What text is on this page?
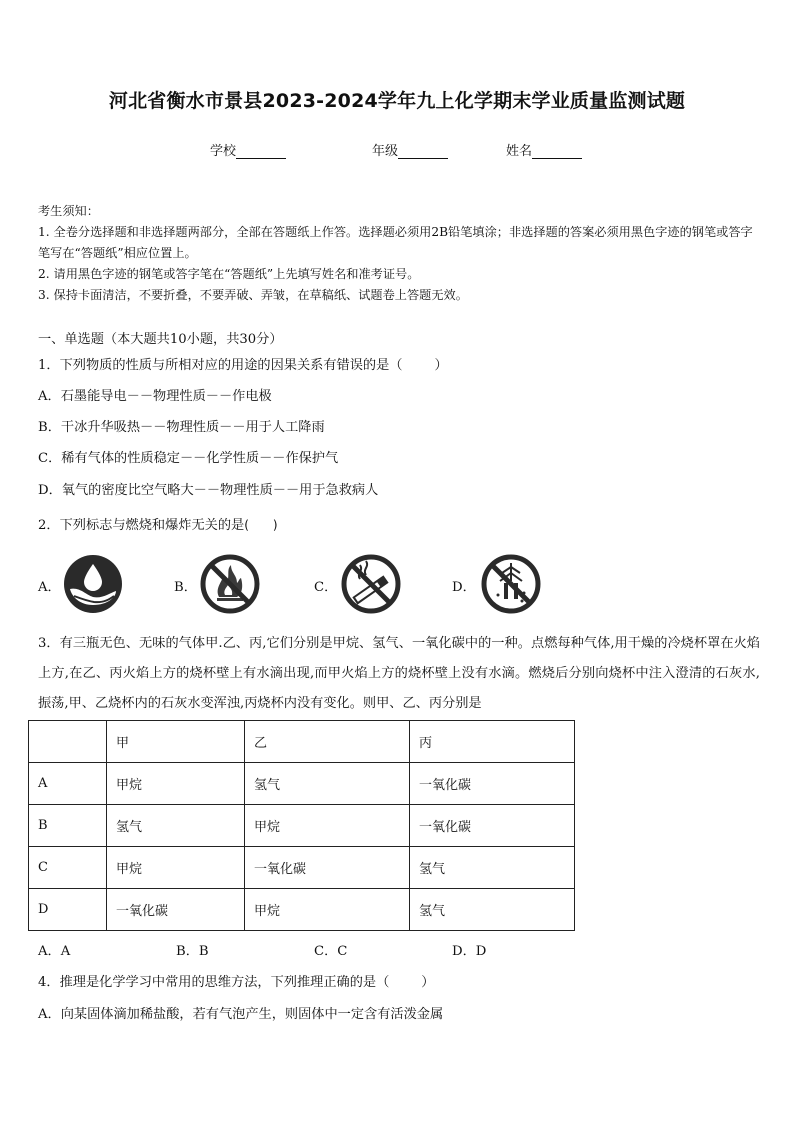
河北省衡水市景县2023-2024学年九上化学期末学业质量监测试题
学校	年级	姓名
考生须知：
1. 全卷分选择题和非选择题两部分，全部在答题纸上作答。选择题必须用2B铅笔填涂；非选择题的答案必须用黑色字迹的钢笔或答字笔写在“答题纸”相应位置上。
2. 请用黑色字迹的钢笔或答字笔在“答题纸”上先填写姓名和准考证号。
3. 保持卡面清洁，不要折叠，不要弄破、弄皱，在草稿纸、试题卷上答题无效。
一、单选题（本大题共10小题，共30分）
1．下列物质的性质与所相对应的用途的因果关系有错误的是（ ）
A．石墨能导电－－物理性质－－作电极
B．干冰升华吸热－－物理性质－－用于人工降雨
C．稀有气体的性质稳定－－化学性质－－作保护气
D．氧气的密度比空气略大－－物理性质－－用于急救病人
2．下列标志与燃烧和爆炸无关的是(　　)
A．	B．	C．	D．
3．有三瓶无色、无味的气体甲.乙、丙,它们分别是甲烷、氢气、一氧化碳中的一种。点燃每种气体,用干燥的冷烧杯罩在火焰上方,在乙、丙火焰上方的烧杯壁上有水滴出现,而甲火焰上方的烧杯壁上没有水滴。燃烧后分别向烧杯中注入澄清的石灰水,振荡,甲、乙烧杯内的石灰水变浑浊,丙烧杯内没有变化。则甲、乙、丙分别是
	甲	乙	丙
A	甲烷	氢气	一氧化碳
B	氢气	甲烷	一氧化碳
C	甲烷	一氧化碳	氢气
D	一氧化碳	甲烷	氢气
A．A	B．B	C．C	D．D
4．推理是化学学习中常用的思维方法，下列推理正确的是（ ）
A．向某固体滴加稀盐酸，若有气泡产生，则固体中一定含有活泼金属
